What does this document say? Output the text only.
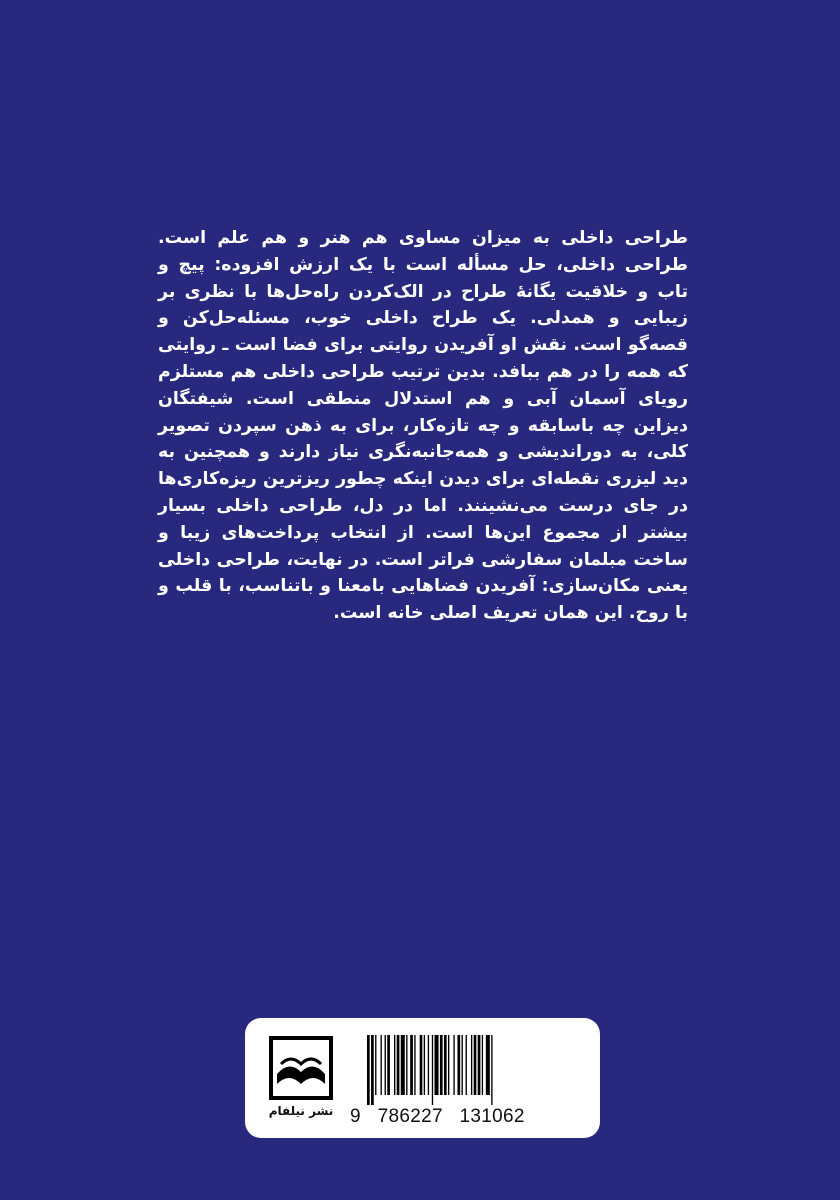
طراحی داخلی به میزان مساوی هم هنر و هم علم است. طراحی داخلی، حل مسأله است با یک ارزش افزوده: پیچ و تاب و خلاقیت یگانهٔ طراح در الک‌کردن راه‌حل‌ها با نظری بر زیبایی و همدلی. یک طراح داخلی خوب، مسئله‌حل‌کن و قصه‌گو است. نقش او آفریدن روایتی برای فضا است ـ روایتی که همه را در هم ببافد. بدین ترتیب طراحی داخلی هم مستلزم رویای آسمان آبی و هم استدلال منطقی است. شیفتگان دیزاین چه باسابقه و چه تازه‌کار، برای به ذهن سپردن تصویر کلی، به دوراندیشی و همه‌جانبه‌نگری نیاز دارند و همچنین به دید لیزری نقطه‌ای برای دیدن اینکه چطور ریزترین ریزه‌کاری‌ها در جای درست می‌نشینند. اما در دل، طراحی داخلی بسیار بیشتر از مجموع این‌ها است. از انتخاب پرداخت‌های زیبا و ساخت مبلمان سفارشی فراتر است. در نهایت، طراحی داخلی یعنی مکان‌سازی: آفریدن فضاهایی بامعنا و باتناسب، با قلب و با روح. این همان تعریف اصلی خانه است.
نشر نیلفام 9   786227   131062
